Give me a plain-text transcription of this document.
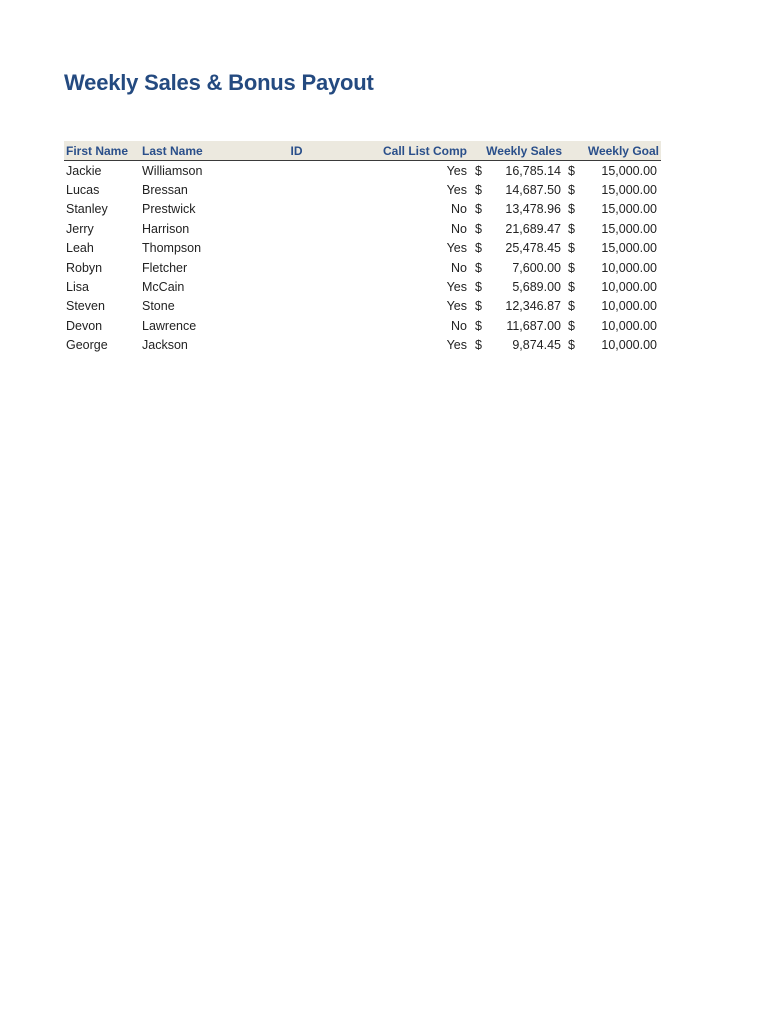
Weekly Sales & Bonus Payout
First Name	Last Name	ID	Call List Comp	Weekly Sales	Weekly Goal
Jackie	Williamson		Yes	$ 16,785.14	$ 15,000.00

Lucas	Bressan		Yes	$ 14,687.50	$ 15,000.00

Stanley	Prestwick		No	$ 13,478.96	$ 15,000.00

Jerry	Harrison		No	$ 21,689.47	$ 15,000.00

Leah	Thompson		Yes	$ 25,478.45	$ 15,000.00

Robyn	Fletcher		No	$ 7,600.00	$ 10,000.00

Lisa	McCain		Yes	$ 5,689.00	$ 10,000.00

Steven	Stone		Yes	$ 12,346.87	$ 10,000.00

Devon	Lawrence		No	$ 11,687.00	$ 10,000.00

George	Jackson		Yes	$ 9,874.45	$ 10,000.00
